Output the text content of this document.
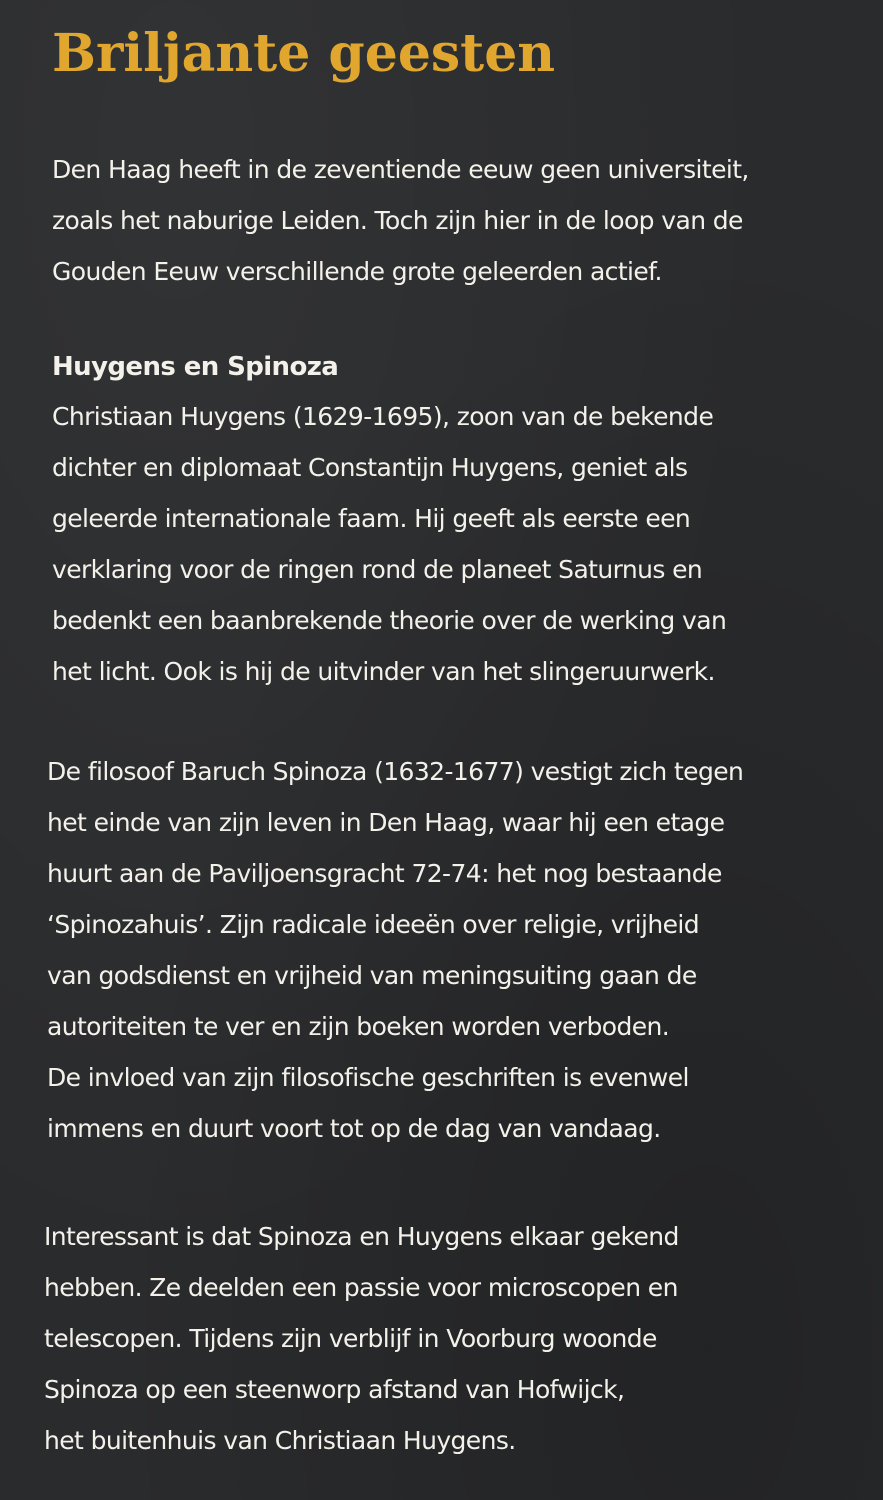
Briljante geesten
Den Haag heeft in de zeventiende eeuw geen universiteit,
zoals het naburige Leiden. Toch zijn hier in de loop van de
Gouden Eeuw verschillende grote geleerden actief.
Huygens en Spinoza
Christiaan Huygens (1629-1695), zoon van de bekende
dichter en diplomaat Constantijn Huygens, geniet als
geleerde internationale faam. Hij geeft als eerste een
verklaring voor de ringen rond de planeet Saturnus en
bedenkt een baanbrekende theorie over de werking van
het licht. Ook is hij de uitvinder van het slingeruurwerk.
De filosoof Baruch Spinoza (1632-1677) vestigt zich tegen
het einde van zijn leven in Den Haag, waar hij een etage
huurt aan de Paviljoensgracht 72-74: het nog bestaande
‘Spinozahuis’. Zijn radicale ideeën over religie, vrijheid
van godsdienst en vrijheid van meningsuiting gaan de
autoriteiten te ver en zijn boeken worden verboden.
De invloed van zijn filosofische geschriften is evenwel
immens en duurt voort tot op de dag van vandaag.
Interessant is dat Spinoza en Huygens elkaar gekend
hebben. Ze deelden een passie voor microscopen en
telescopen. Tijdens zijn verblijf in Voorburg woonde
Spinoza op een steenworp afstand van Hofwijck,
het buitenhuis van Christiaan Huygens.
